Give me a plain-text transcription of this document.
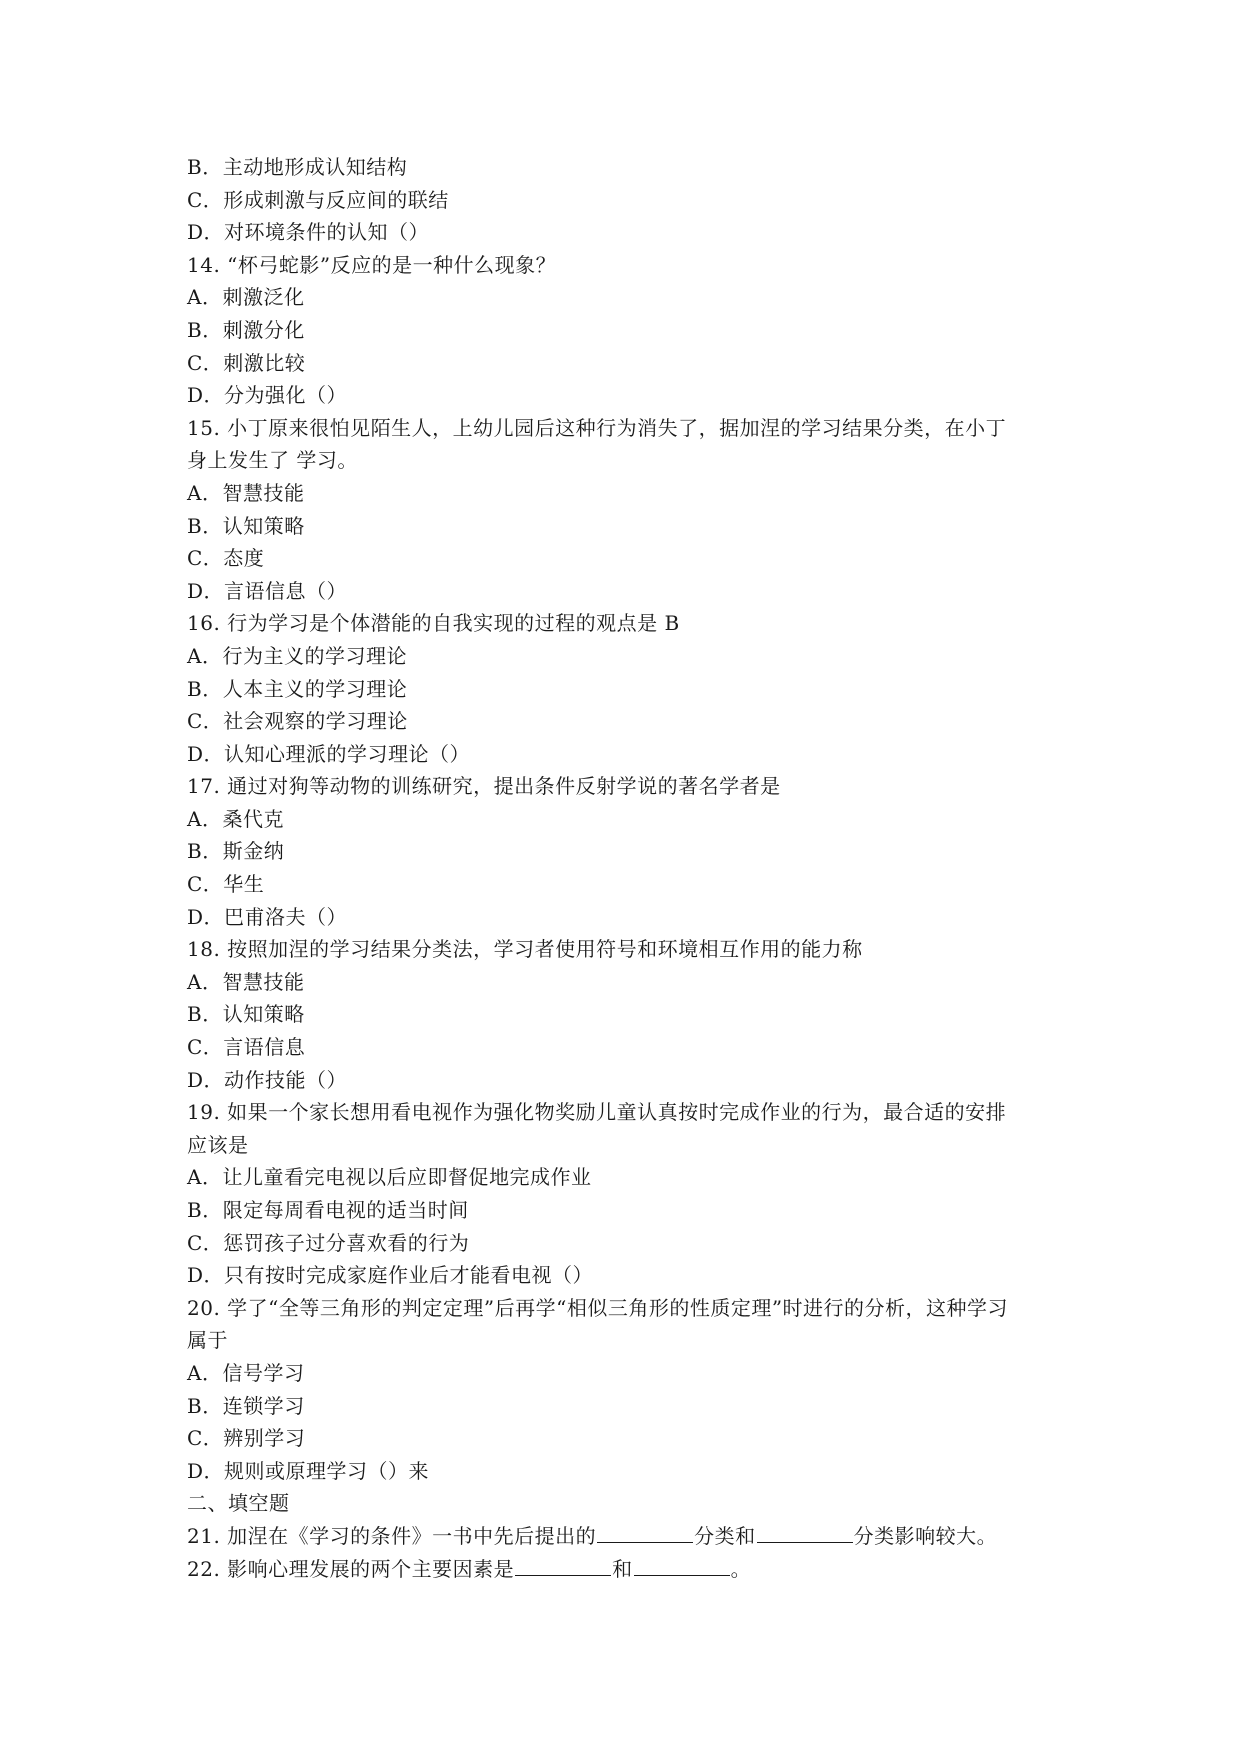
B．主动地形成认知结构
C．形成刺激与反应间的联结
D．对环境条件的认知（）
14. “杯弓蛇影”反应的是一种什么现象？
A．刺激泛化
B．刺激分化
C．刺激比较
D．分为强化（）
15. 小丁原来很怕见陌生人，上幼儿园后这种行为消失了，据加涅的学习结果分类，在小丁
身上发生了 学习。
A．智慧技能
B．认知策略
C．态度
D．言语信息（）
16. 行为学习是个体潜能的自我实现的过程的观点是 B
A．行为主义的学习理论
B．人本主义的学习理论
C．社会观察的学习理论
D．认知心理派的学习理论（）
17. 通过对狗等动物的训练研究，提出条件反射学说的著名学者是
A．桑代克
B．斯金纳
C．华生
D．巴甫洛夫（）
18. 按照加涅的学习结果分类法，学习者使用符号和环境相互作用的能力称
A．智慧技能
B．认知策略
C．言语信息
D．动作技能（）
19. 如果一个家长想用看电视作为强化物奖励儿童认真按时完成作业的行为，最合适的安排
应该是
A．让儿童看完电视以后应即督促地完成作业
B．限定每周看电视的适当时间
C．惩罚孩子过分喜欢看的行为
D．只有按时完成家庭作业后才能看电视（）
20. 学了“全等三角形的判定定理”后再学“相似三角形的性质定理”时进行的分析，这种学习
属于
A．信号学习
B．连锁学习
C．辨别学习
D．规则或原理学习（）来
二、填空题
21. 加涅在《学习的条件》一书中先后提出的	分类和	分类影响较大。
22. 影响心理发展的两个主要因素是	和	。
